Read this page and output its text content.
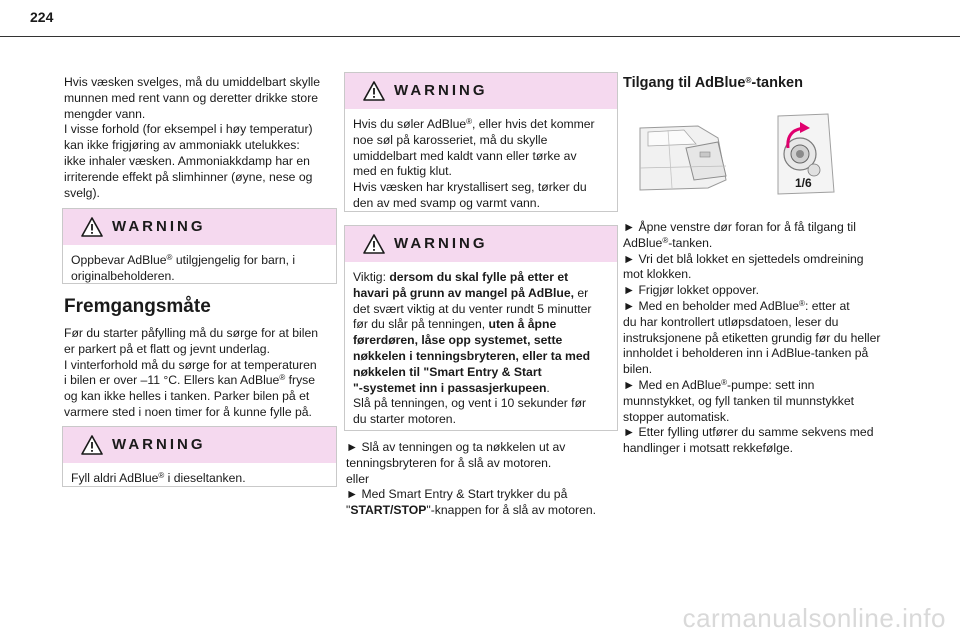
224
Hvis væsken svelges, må du umiddelbart skylle
munnen med rent vann og deretter drikke store
mengder vann.
I visse forhold (for eksempel i høy temperatur)
kan ikke frigjøring av ammoniakk utelukkes:
ikke inhaler væsken. Ammoniakkdamp har en
irriterende effekt på slimhinner (øyne, nese og
svelg).
WARNING
Oppbevar AdBlue® utilgjengelig for barn, i
originalbeholderen.
Fremgangsmåte
Før du starter påfylling må du sørge for at bilen
er parkert på et flatt og jevnt underlag.
I vinterforhold må du sørge for at temperaturen
i bilen er over –11 °C. Ellers kan AdBlue® fryse
og kan ikke helles i tanken. Parker bilen på et
varmere sted i noen timer for å kunne fylle på.
WARNING
Fyll aldri AdBlue® i dieseltanken.
WARNING
Hvis du søler AdBlue®, eller hvis det kommer
noe søl på karosseriet, må du skylle
umiddelbart med kaldt vann eller tørke av
med en fuktig klut.
Hvis væsken har krystallisert seg, tørker du
den av med svamp og varmt vann.
WARNING
Viktig: dersom du skal fylle på etter et
havari på grunn av mangel på AdBlue, er
det svært viktig at du venter rundt 5 minutter
før du slår på tenningen, uten å åpne
førerdøren, låse opp systemet, sette
nøkkelen i tenningsbryteren, eller ta med
nøkkelen til "Smart Entry & Start
"-systemet inn i passasjerkupeen.
Slå på tenningen, og vent i 10 sekunder før
du starter motoren.
► Slå av tenningen og ta nøkkelen ut av
tenningsbryteren for å slå av motoren.
eller
► Med Smart Entry & Start trykker du på
"START/STOP"-knappen for å slå av motoren.
Tilgang til AdBlue®-tanken
1/6
► Åpne venstre dør foran for å få tilgang til
AdBlue®-tanken.
► Vri det blå lokket en sjettedels omdreining
mot klokken.
► Frigjør lokket oppover.
► Med en beholder med AdBlue®: etter at
du har kontrollert utløpsdatoen, leser du
instruksjonene på etiketten grundig før du heller
innholdet i beholderen inn i AdBlue-tanken på
bilen.
► Med en AdBlue®-pumpe: sett inn
munnstykket, og fyll tanken til munnstykket
stopper automatisk.
► Etter fylling utfører du samme sekvens med
handlinger i motsatt rekkefølge.
carmanualsonline.info
